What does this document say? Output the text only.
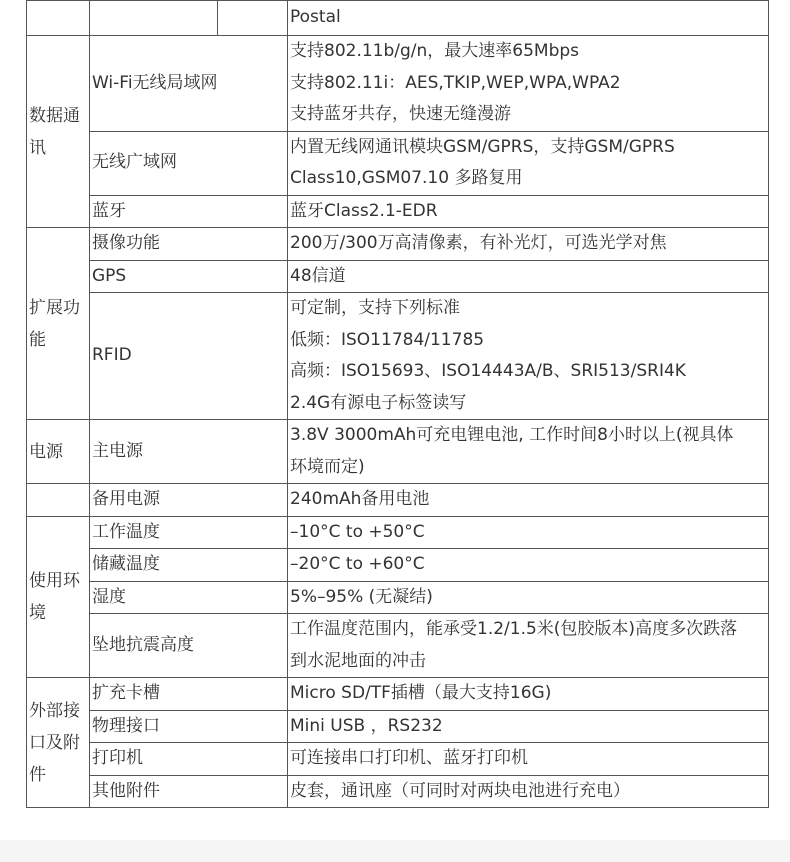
		Postal

数据通
讯	Wi-Fi无线局域网	支持802.11b/g/n，最大速率65Mbps
支持802.11i：AES,TKIP,WEP,WPA,WPA2
支持蓝牙共存，快速无缝漫游

	无线广域网	内置无线网通讯模块GSM/GPRS，支持GSM/GPRS
Class10,GSM07.10 多路复用

	蓝牙	蓝牙Class2.1-EDR

扩展功
能	摄像功能	200万/300万高清像素，有补光灯，可选光学对焦

	GPS	48信道

	RFID	可定制，支持下列标准
低频：ISO11784/11785
高频：ISO15693、ISO14443A/B、SRI513/SRI4K
2.4G有源电子标签读写

电源	主电源	3.8V 3000mAh可充电锂电池, 工作时间8小时以上(视具体
环境而定)

	备用电源	240mAh备用电池

使用环
境	工作温度	–10°C to +50°C

	储藏温度	–20°C to +60°C

	湿度	5%–95% (无凝结)

	坠地抗震高度	工作温度范围内，能承受1.2/1.5米(包胶版本)高度多次跌落
到水泥地面的冲击

外部接
口及附
件	扩充卡槽	Micro SD/TF插槽（最大支持16G)

	物理接口	Mini USB ，RS232

	打印机	可连接串口打印机、蓝牙打印机

	其他附件	皮套，通讯座（可同时对两块电池进行充电）
